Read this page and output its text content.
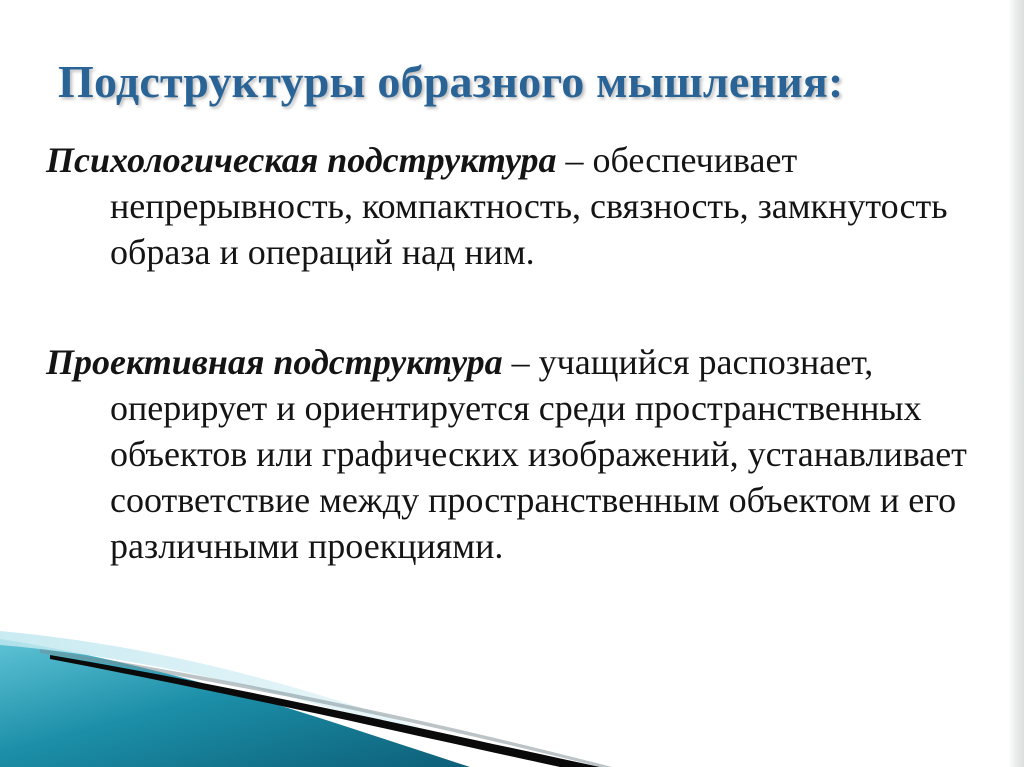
Подструктуры образного мышления:

Психологическая подструктура – обеспечивает непрерывность, компактность, связность, замкнутость образа и операций над ним.

Проективная подструктура – учащийся распознает, оперирует и ориентируется среди пространственных объектов или графических изображений, устанавливает соответствие между пространственным объектом и его различными проекциями.
